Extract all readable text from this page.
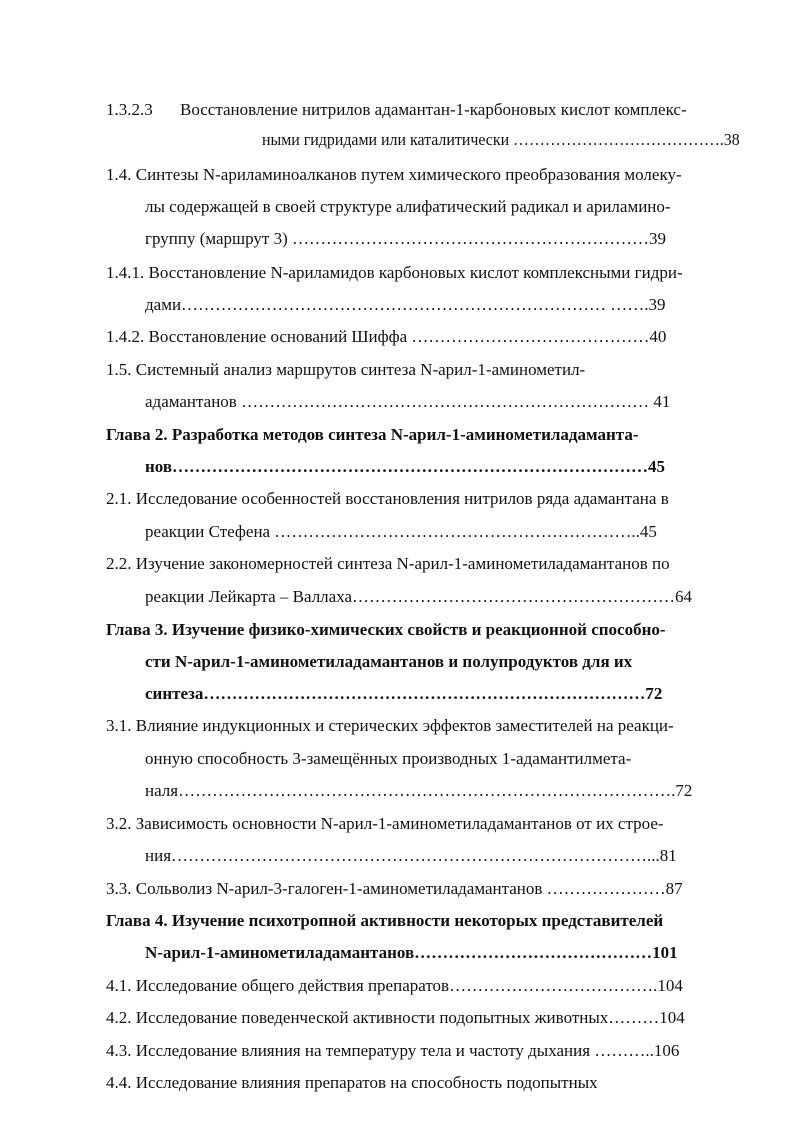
1.3.2.3 Восстановление нитрилов адамантан-1-карбоновых кислот комплекс-
ными гидридами или каталитически ………………………………….38
1.4. Синтезы N-ариламиноалканов путем химического преобразования молеку-
лы содержащей в своей структуре алифатический радикал и ариламино-
группу (маршрут 3) ………………………………………………………39
1.4.1. Восстановление N-ариламидов карбоновых кислот комплексными гидри-
дами………………………………………………………………… …….39
1.4.2. Восстановление оснований Шиффа ……………………………………40
1.5. Системный анализ маршрутов синтеза N-арил-1-аминометил-
адамантанов ……………………………………………………………… 41
Глава 2. Разработка методов синтеза N-арил-1-аминометиладаманта-
нов…………………………………………………………………………45
2.1. Исследование особенностей восстановления нитрилов ряда адамантана в
реакции Стефена ………………………………………………………..45
2.2. Изучение закономерностей синтеза N-арил-1-аминометиладамантанов по
реакции Лейкарта – Валлаха…………………………………………………64
Глава 3. Изучение физико-химических свойств и реакционной способно-
сти N-арил-1-аминометиладамантанов и полупродуктов для их
синтеза……………………………………………………………………72
3.1. Влияние индукционных и стерических эффектов заместителей на реакци-
онную способность 3-замещённых производных 1-адамантилмета-
наля…………………………………………………………………………….72
3.2. Зависимость основности N-арил-1-аминометиладамантанов от их строе-
ния…………………………………………………………………………...81
3.3. Сольволиз N-арил-3-галоген-1-аминометиладамантанов …………………87
Глава 4. Изучение психотропной активности некоторых представителей
N-арил-1-аминометиладамантанов……………………………………101
4.1. Исследование общего действия препаратов……………………………….104
4.2. Исследование поведенческой активности подопытных животных………104
4.3. Исследование влияния на температуру тела и частоту дыхания ………..106
4.4. Исследование влияния препаратов на способность подопытных
